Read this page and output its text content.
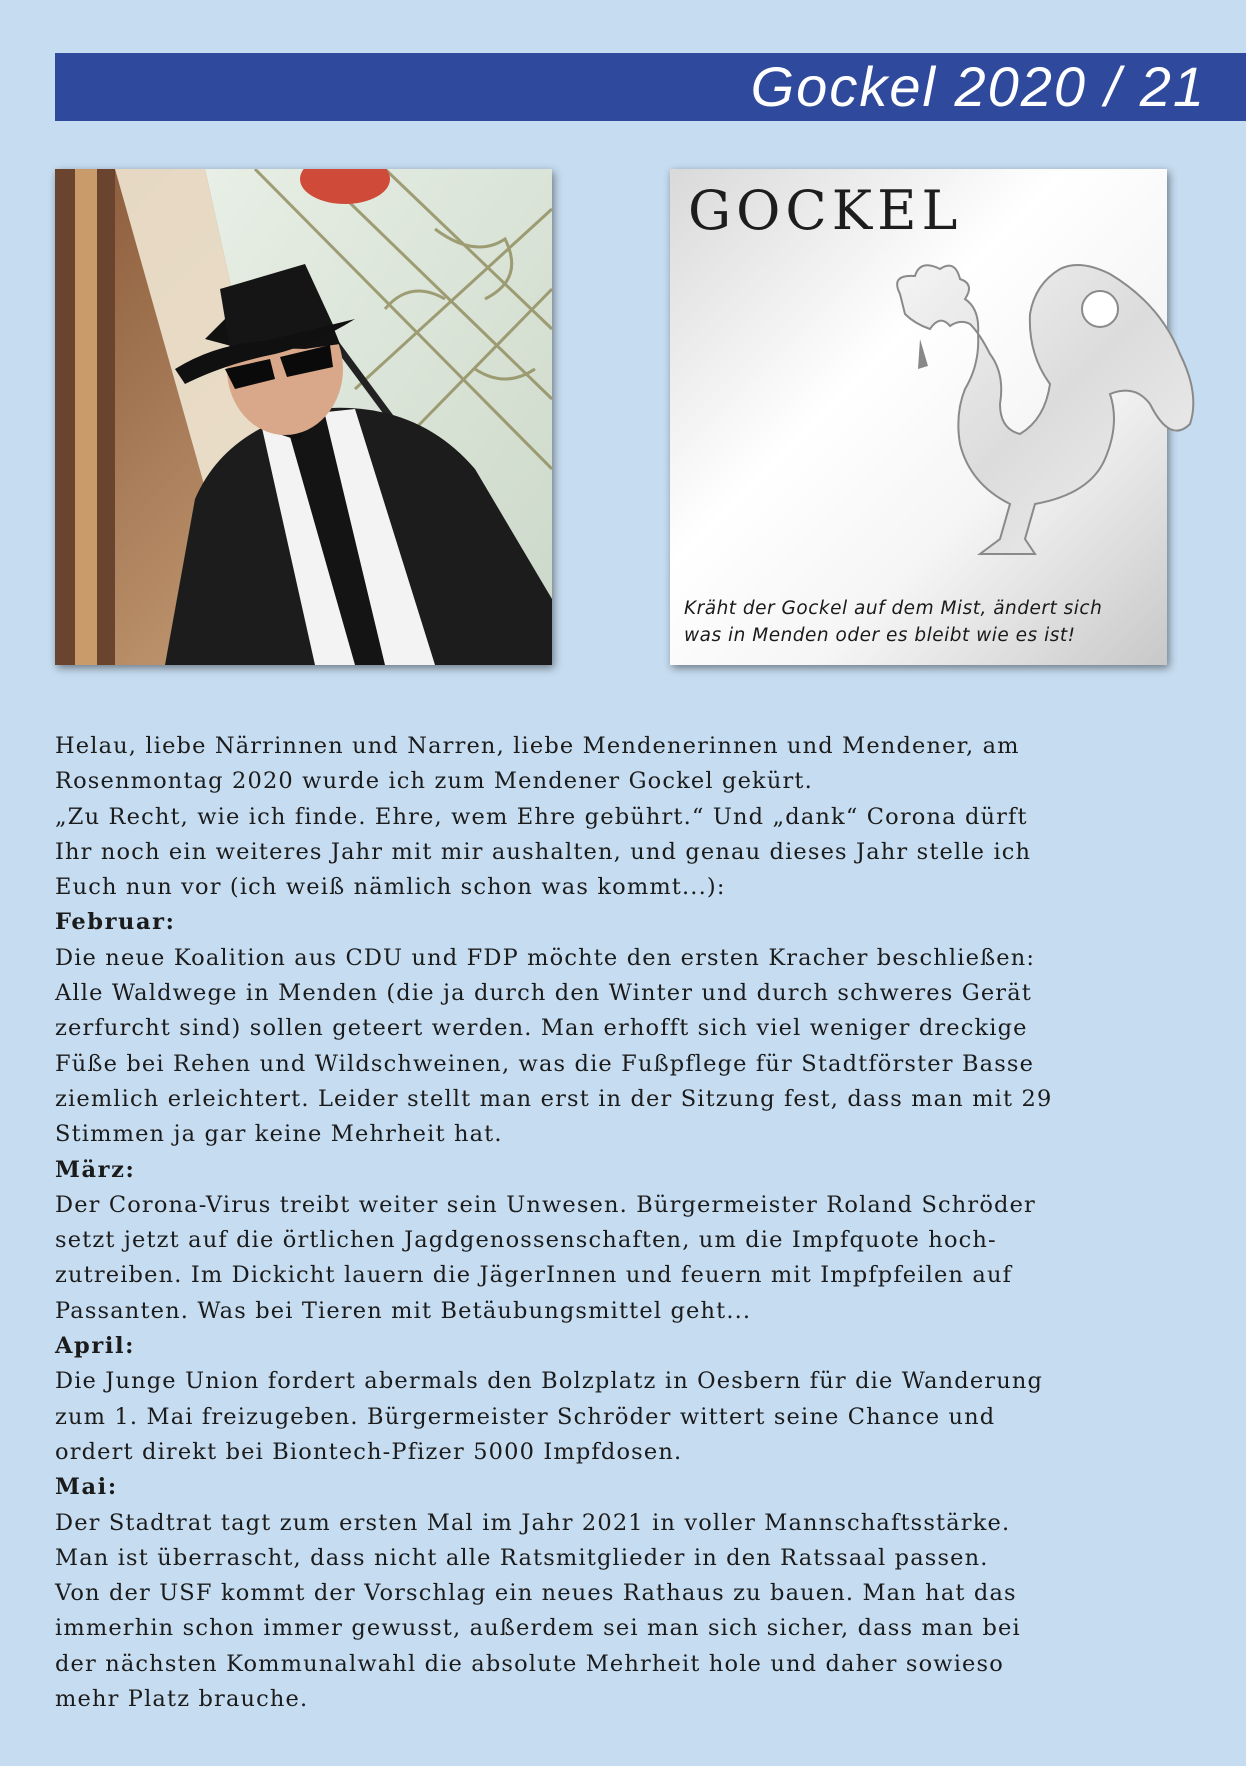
Gockel 2020 / 21
GOCKEL
Kräht der Gockel auf dem Mist, ändert sich
was in Menden oder es bleibt wie es ist!

Helau, liebe Närrinnen und Narren, liebe Mendenerinnen und Mendener, am
Rosenmontag 2020 wurde ich zum Mendener Gockel gekürt.
„Zu Recht, wie ich finde. Ehre, wem Ehre gebührt.“ Und „dank“ Corona dürft
Ihr noch ein weiteres Jahr mit mir aushalten, und genau dieses Jahr stelle ich
Euch nun vor (ich weiß nämlich schon was kommt...):

Februar:

Die neue Koalition aus CDU und FDP möchte den ersten Kracher beschließen:
Alle Waldwege in Menden (die ja durch den Winter und durch schweres Gerät
zerfurcht sind) sollen geteert werden. Man erhofft sich viel weniger dreckige
Füße bei Rehen und Wildschweinen, was die Fußpflege für Stadtförster Basse
ziemlich erleichtert. Leider stellt man erst in der Sitzung fest, dass man mit 29
Stimmen ja gar keine Mehrheit hat.

März:

Der Corona-Virus treibt weiter sein Unwesen. Bürgermeister Roland Schröder
setzt jetzt auf die örtlichen Jagdgenossenschaften, um die Impfquote hoch-
zutreiben. Im Dickicht lauern die JägerInnen und feuern mit Impfpfeilen auf
Passanten. Was bei Tieren mit Betäubungsmittel geht...

April:

Die Junge Union fordert abermals den Bolzplatz in Oesbern für die Wanderung
zum 1. Mai freizugeben. Bürgermeister Schröder wittert seine Chance und
ordert direkt bei Biontech-Pfizer 5000 Impfdosen.

Mai:

Der Stadtrat tagt zum ersten Mal im Jahr 2021 in voller Mannschaftsstärke.
Man ist überrascht, dass nicht alle Ratsmitglieder in den Ratssaal passen.
Von der USF kommt der Vorschlag ein neues Rathaus zu bauen. Man hat das
immerhin schon immer gewusst, außerdem sei man sich sicher, dass man bei
der nächsten Kommunalwahl die absolute Mehrheit hole und daher sowieso
mehr Platz brauche.
